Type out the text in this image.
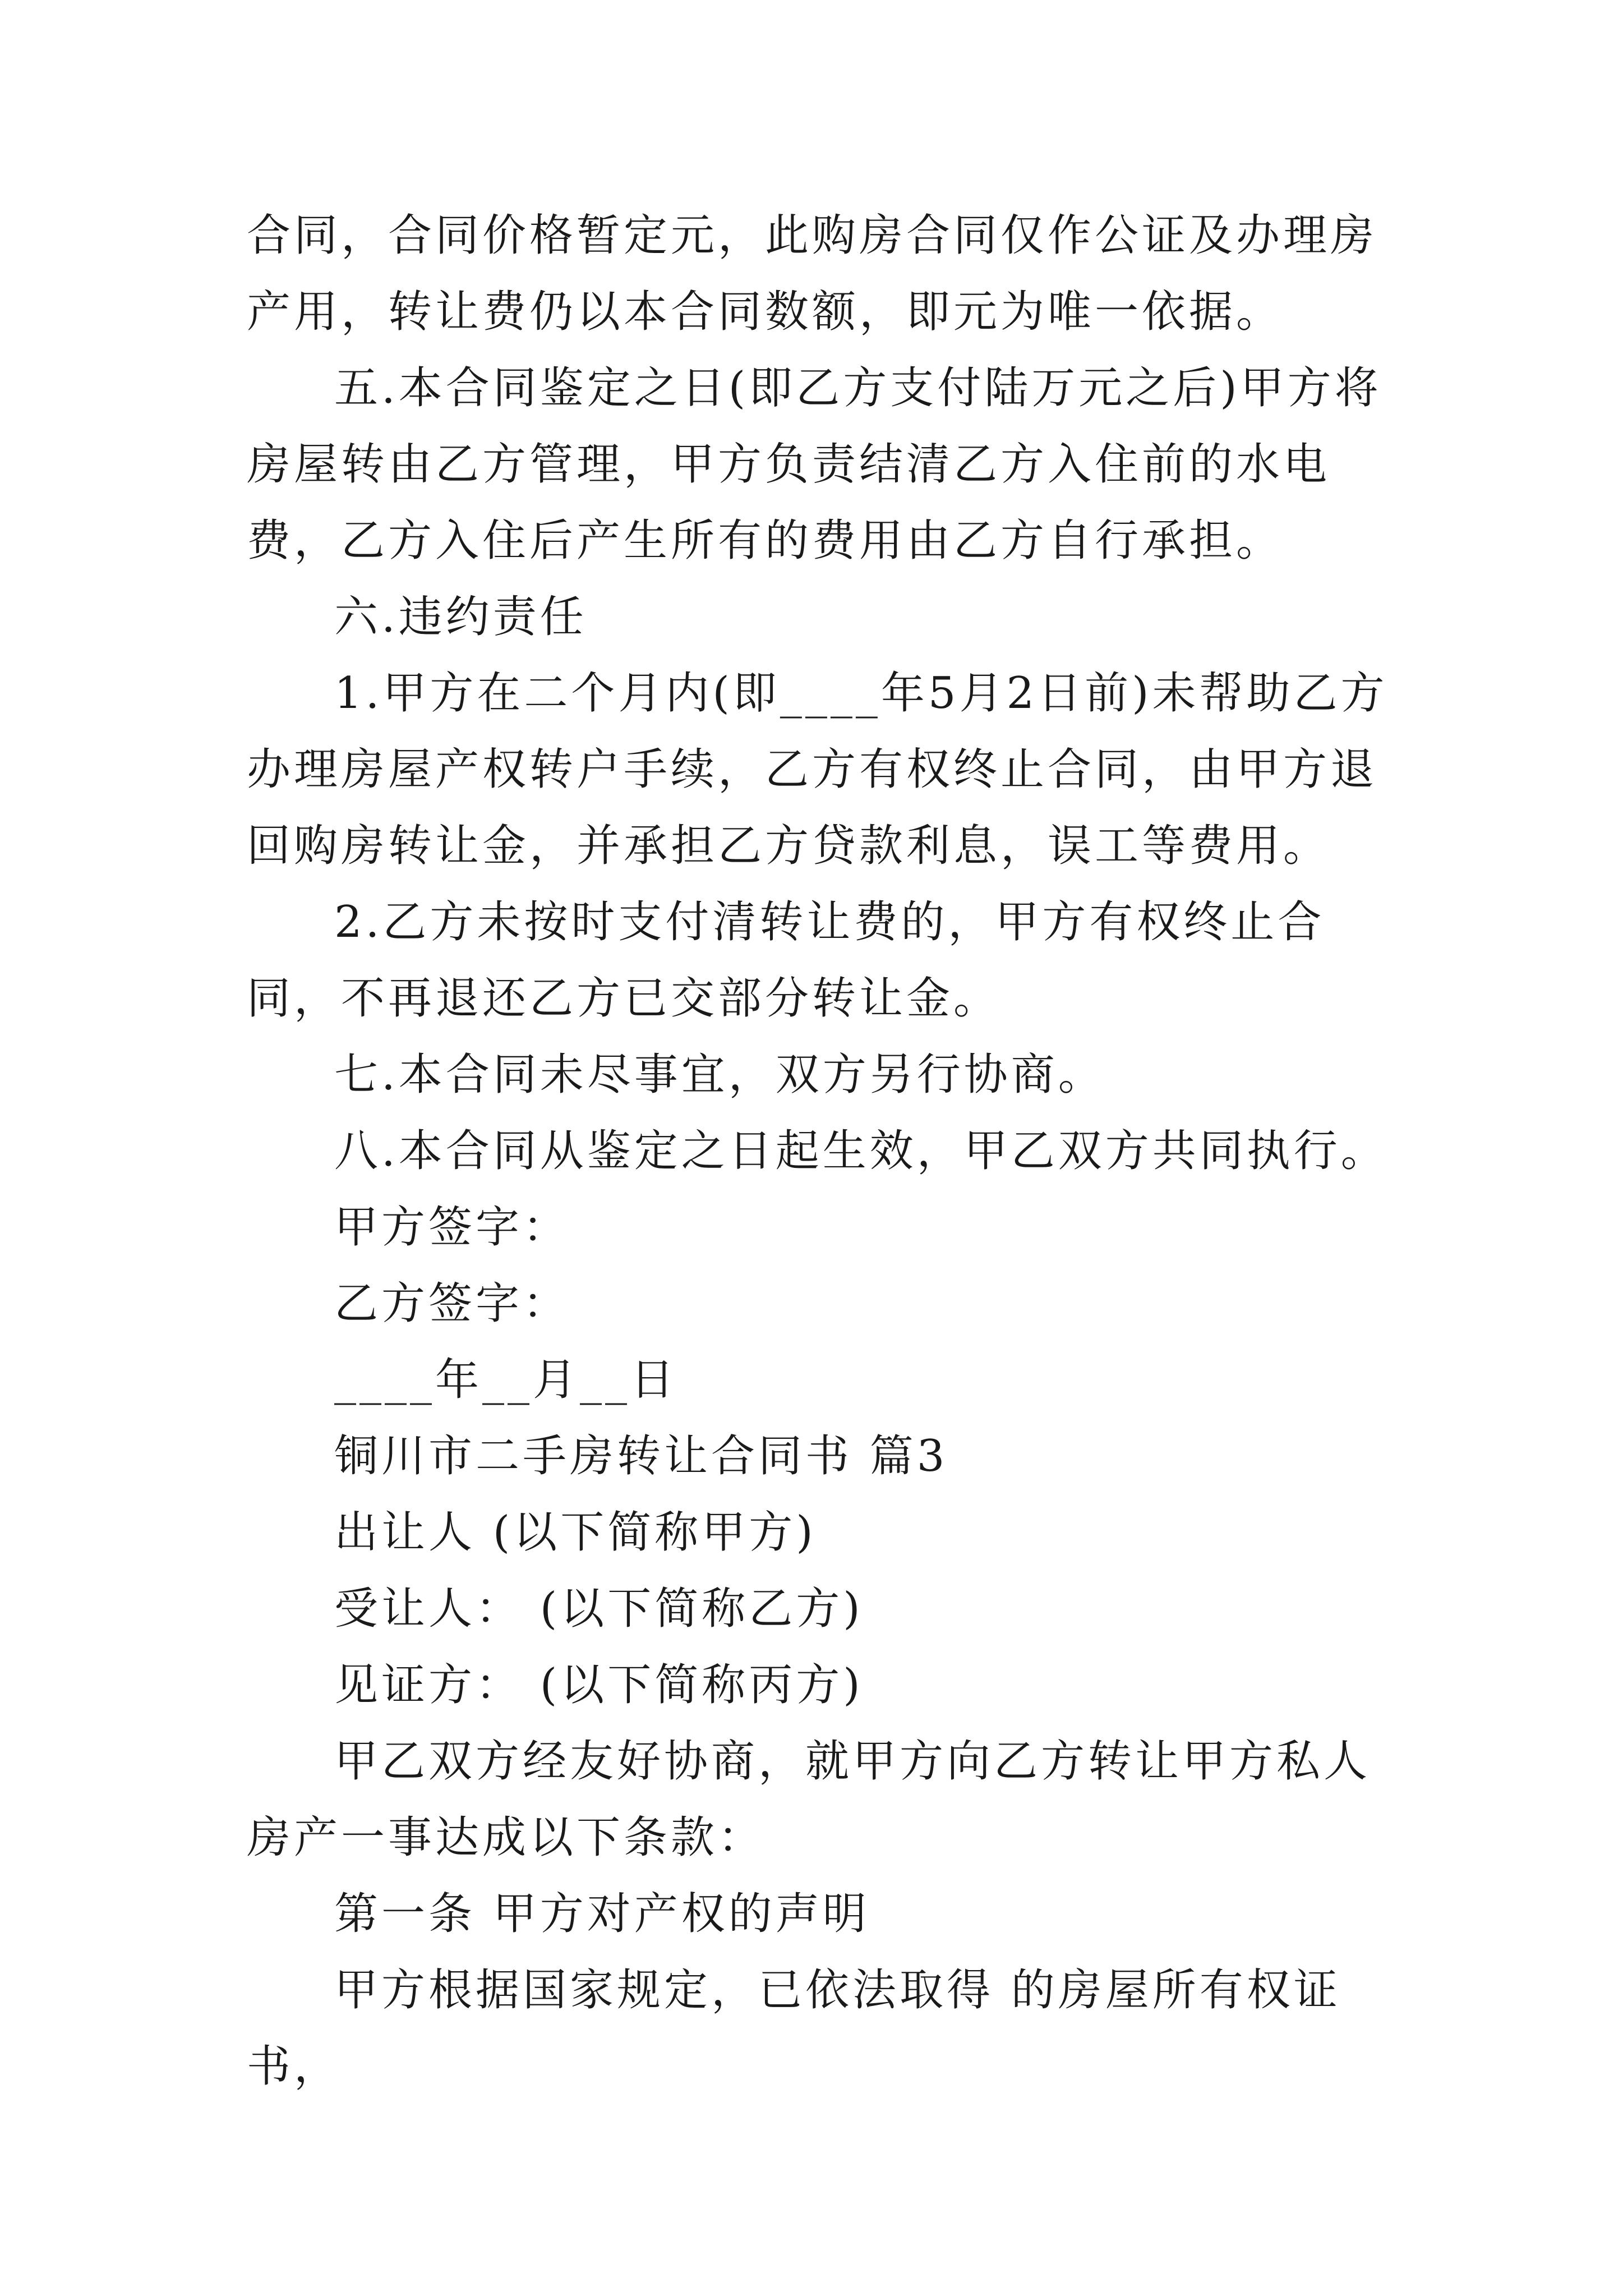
合同，合同价格暂定元，此购房合同仅作公证及办理房产用，转让费仍以本合同数额，即元为唯一依据。

五.本合同鉴定之日(即乙方支付陆万元之后)甲方将房屋转由乙方管理，甲方负责结清乙方入住前的水电费，乙方入住后产生所有的费用由乙方自行承担。

六.违约责任

1.甲方在二个月内(即____年5月2日前)未帮助乙方办理房屋产权转户手续，乙方有权终止合同，由甲方退回购房转让金，并承担乙方贷款利息，误工等费用。

2.乙方未按时支付清转让费的，甲方有权终止合同，不再退还乙方已交部分转让金。

七.本合同未尽事宜，双方另行协商。

八.本合同从鉴定之日起生效，甲乙双方共同执行。

甲方签字：

乙方签字：

____年__月__日

铜川市二手房转让合同书 篇3

出让人 (以下简称甲方)

受让人： (以下简称乙方)

见证方： (以下简称丙方)

甲乙双方经友好协商，就甲方向乙方转让甲方私人房产一事达成以下条款：

第一条 甲方对产权的声明

甲方根据国家规定，已依法取得 的房屋所有权证书，
